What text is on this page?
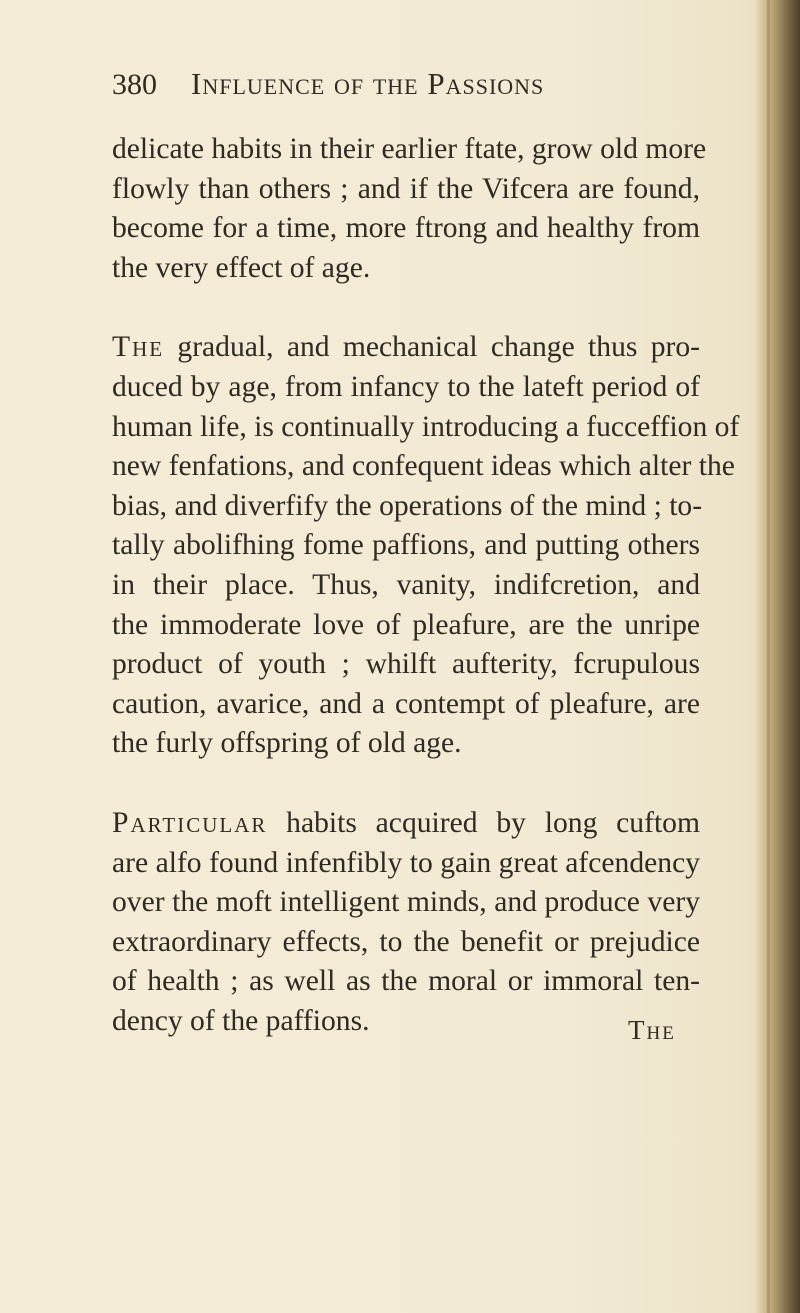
380 Influence of the Passions
delicate habits in their earlier ftate, grow old more
flowly than others ; and if the Vifcera are found,
become for a time, more ftrong and healthy from
the very effect of age.
The gradual, and mechanical change thus pro-
duced by age, from infancy to the lateft period of
human life, is continually introducing a fucceffion of
new fenfations, and confequent ideas which alter the
bias, and diverfify the operations of the mind ; to-
tally abolifhing fome paffions, and putting others
in their place. Thus, vanity, indifcretion, and
the immoderate love of pleafure, are the unripe
product of youth ; whilft aufterity, fcrupulous
caution, avarice, and a contempt of pleafure, are
the furly offspring of old age.
Particular habits acquired by long cuftom
are alfo found infenfibly to gain great afcendency
over the moft intelligent minds, and produce very
extraordinary effects, to the benefit or prejudice
of health ; as well as the moral or immoral ten-
dency of the paffions.	The
